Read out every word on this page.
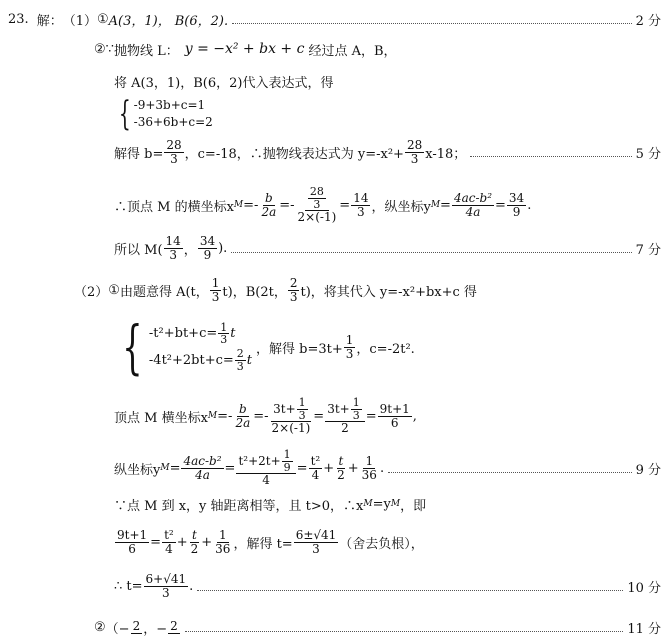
23. 解： （1） ① A(3，1)， B(6，2).	2 分
② ∵ 抛物线 L： y = −x² + bx + c 经过点 A，B，
将 A(3，1)，B(6，2)代入表达式，得
{ -9+3b+c=1
-36+6b+c=2
解得 $b= \frac{28}{3}$ ，c=-18，∴抛物线表达式为 $y=-x^2+ \frac{28}{3} x-18$；	5 分
∴顶点 M 的横坐标x $M =- \frac{b}{2a} =- \frac{\frac{28}{3}}{2\times(-1)} = \frac{14}{3}$ ，纵坐标y $M = \frac{\text{4ac-b²}}{4a} = \frac{34}{9}$ .
所以 $M( \frac{14}{3}$ ， $\frac{34}{9}$ ).	7 分
（2） ① 由题意得 A(t， $\frac{1}{3} t$)， B(2t， $\frac{2}{3} t$)，将其代入 y=-x²+bx+c 得
{ $-t^2+bt+c= \frac{1}{3}$ t
$-4t^2+2bt+c= \frac{2}{3}$ t
，解得 $b=3t+ \frac{1}{3}$ ，c=-2t².
顶点 M 横坐标x $M =- \frac{b}{2a} =- \frac{3t+ \frac{1}{3}}{2\times(-1)} = \frac{3t+ \frac{1}{3}}{2} = \frac{9t+1}{6}$ ,
纵坐标y $M = \frac{\text{4ac-b²}}{4a} = \frac{t^2+2t+ \frac{1}{9}}{4} = \frac{\text{t²}}{4} + \frac{t}{2} + \frac{1}{36}$ .	9 分
∵点 M 到 x，y 轴距离相等，且 t>0，∴x M =y M ，即
$\frac{9t+1}{6} = \frac{\text{t²}}{4} + \frac{t}{2} + \frac{1}{36}$ ，解得 $t= \frac{6\pm√41}{3}$ （舍去负根），
∴ $t= \frac{6+√41}{3}$ .	10 分
② （− 2 ，− 2	11 分
